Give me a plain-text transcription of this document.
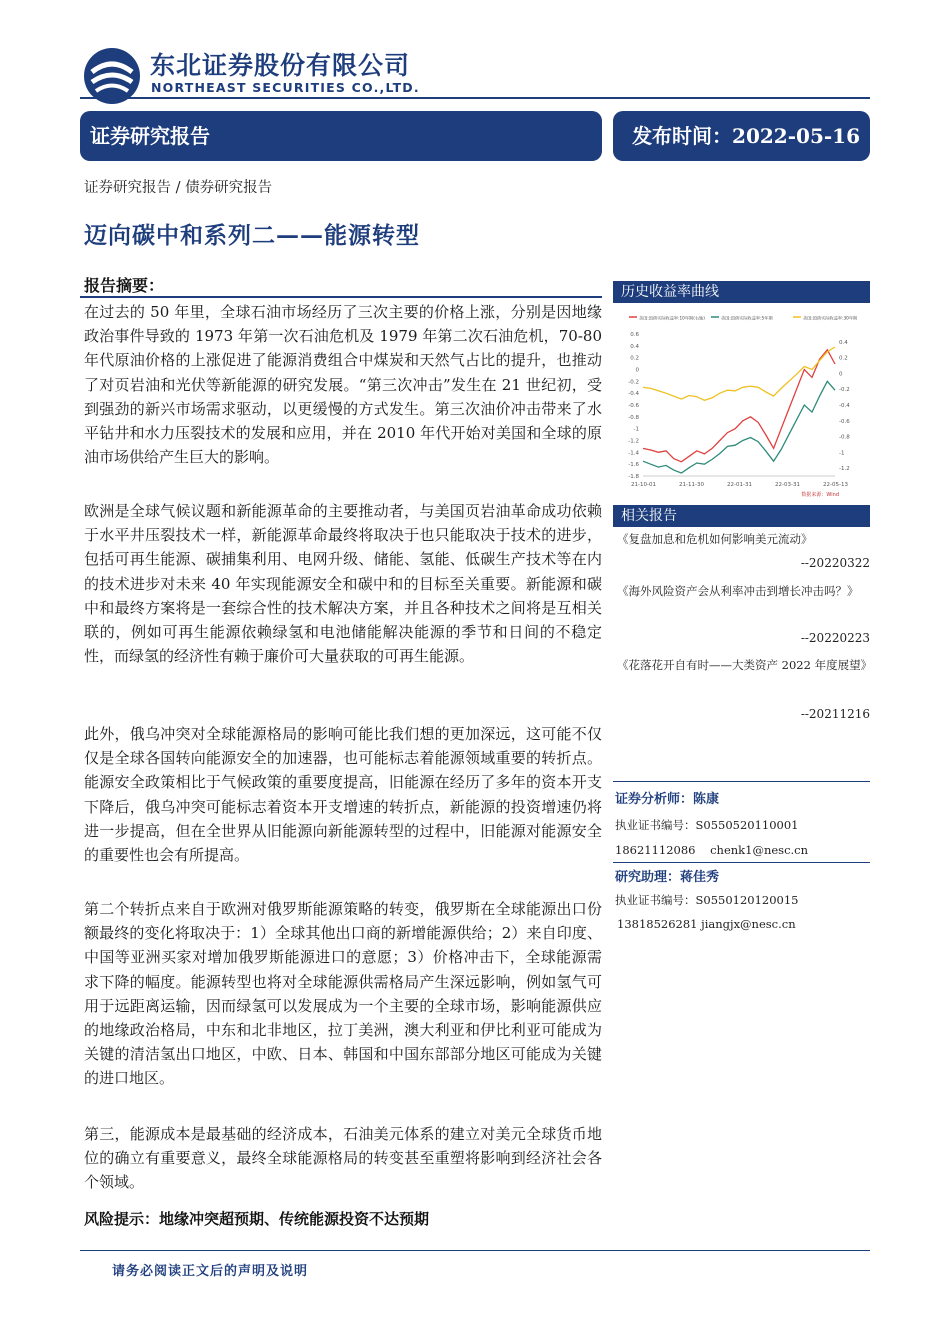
东北证券股份有限公司
NORTHEAST SECURITIES CO.,LTD.
证券研究报告	发布时间：2022-05-16
证券研究报告 / 债券研究报告
迈向碳中和系列二——能源转型
报告摘要：

在过去的 50 年里，全球石油市场经历了三次主要的价格上涨，分别是因地缘政治事件导致的 1973 年第一次石油危机及 1979 年第二次石油危机，70-80 年代原油价格的上涨促进了能源消费组合中煤炭和天然气占比的提升，也推动了对页岩油和光伏等新能源的研究发展。“第三次冲击”发生在 21 世纪初，受到强劲的新兴市场需求驱动，以更缓慢的方式发生。第三次油价冲击带来了水平钻井和水力压裂技术的发展和应用，并在 2010 年代开始对美国和全球的原油市场供给产生巨大的影响。

欧洲是全球气候议题和新能源革命的主要推动者，与美国页岩油革命成功依赖于水平井压裂技术一样，新能源革命最终将取决于也只能取决于技术的进步，包括可再生能源、碳捕集利用、电网升级、储能、氢能、低碳生产技术等在内的技术进步对未来 40 年实现能源安全和碳中和的目标至关重要。新能源和碳中和最终方案将是一套综合性的技术解决方案，并且各种技术之间将是互相关联的，例如可再生能源依赖绿氢和电池储能解决能源的季节和日间的不稳定性，而绿氢的经济性有赖于廉价可大量获取的可再生能源。

此外，俄乌冲突对全球能源格局的影响可能比我们想的更加深远，这可能不仅仅是全球各国转向能源安全的加速器，也可能标志着能源领域重要的转折点。能源安全政策相比于气候政策的重要度提高，旧能源在经历了多年的资本开支下降后，俄乌冲突可能标志着资本开支增速的转折点，新能源的投资增速仍将进一步提高，但在全世界从旧能源向新能源转型的过程中，旧能源对能源安全的重要性也会有所提高。

第二个转折点来自于欧洲对俄罗斯能源策略的转变，俄罗斯在全球能源出口份额最终的变化将取决于：1）全球其他出口商的新增能源供给；2）来自印度、中国等亚洲买家对增加俄罗斯能源进口的意愿；3）价格冲击下，全球能源需求下降的幅度。能源转型也将对全球能源供需格局产生深远影响，例如氢气可用于远距离运输，因而绿氢可以发展成为一个主要的全球市场，影响能源供应的地缘政治格局，中东和北非地区，拉丁美洲，澳大利亚和伊比利亚可能成为关键的清洁氢出口地区，中欧、日本、韩国和中国东部部分地区可能成为关键的进口地区。

第三，能源成本是最基础的经济成本，石油美元体系的建立对美元全球货币地位的确立有重要意义，最终全球能源格局的转变甚至重塑将影响到经济社会各个领域。

风险提示：地缘冲突超预期、传统能源投资不达预期
历史收益率曲线
美国:国债实际收益率:10年期(右轴)	美国:国债实际收益率:5年期	美国:国债实际收益率:30年期
0.6
0.4
0.2
0
-0.2
-0.4
-0.6
-0.8
-1
-1.2
-1.4
-1.6
-1.8
0.4
0.2
0
-0.2
-0.4
-0.6
-0.8
-1
-1.2
21-10-01	21-11-30	22-01-31	22-03-31	22-05-13
数据来源：Wind
相关报告
《复盘加息和危机如何影响美元流动》
--20220322
《海外风险资产会从利率冲击到增长冲击吗？》
--20220223
《花落花开自有时——大类资产 2022 年度展望》
--20211216
证券分析师：陈康
执业证书编号：S0550520110001
18621112086    chenk1@nesc.cn
研究助理：蒋佳秀
执业证书编号：S0550120120015
13818526281 jiangjx@nesc.cn
请务必阅读正文后的声明及说明
